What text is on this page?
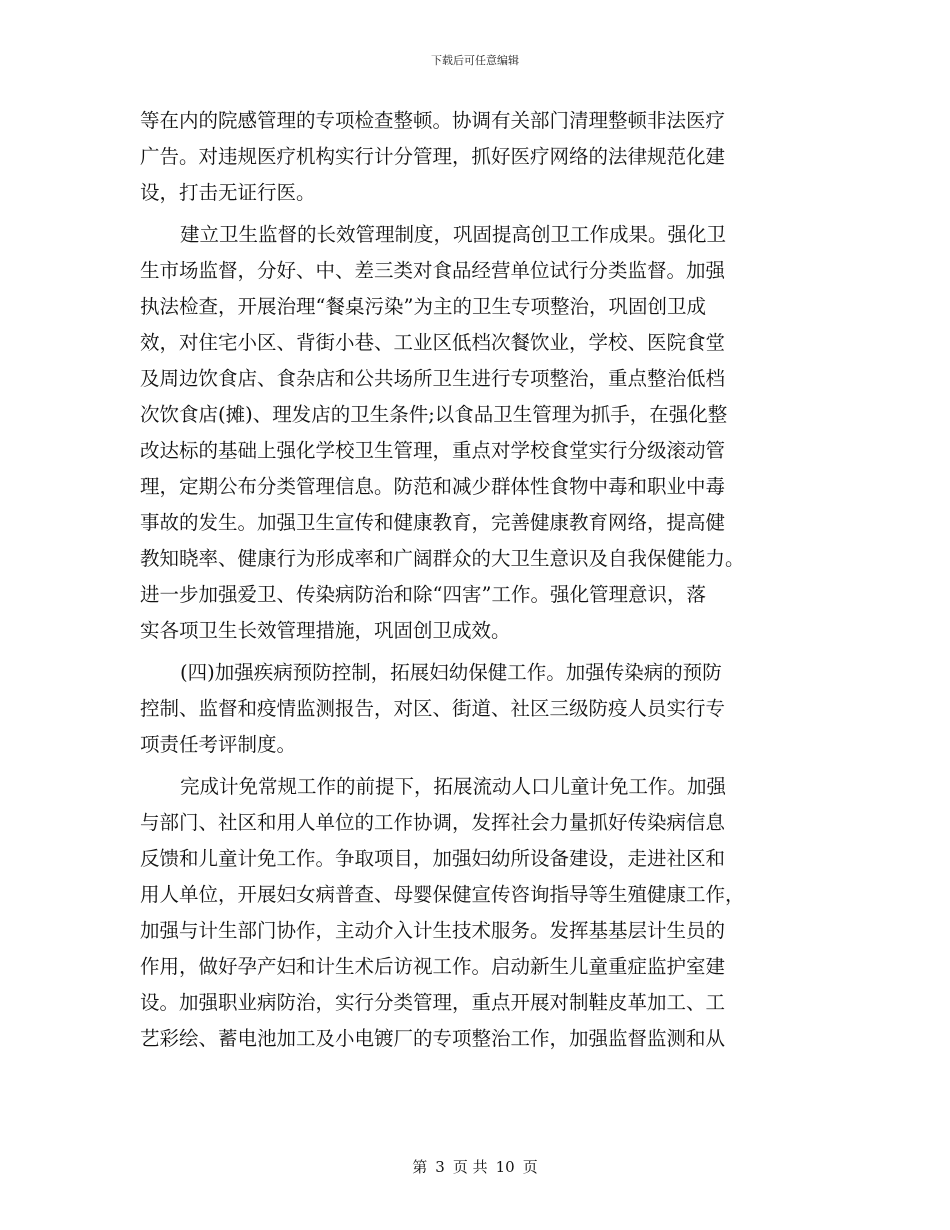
下载后可任意编辑
等在内的院感管理的专项检查整顿。协调有关部门清理整顿非法医疗
广告。对违规医疗机构实行计分管理，抓好医疗网络的法律规范化建
设，打击无证行医。
建立卫生监督的长效管理制度，巩固提高创卫工作成果。强化卫
生市场监督，分好、中、差三类对食品经营单位试行分类监督。加强
执法检查，开展治理“餐桌污染”为主的卫生专项整治，巩固创卫成
效，对住宅小区、背街小巷、工业区低档次餐饮业，学校、医院食堂
及周边饮食店、食杂店和公共场所卫生进行专项整治，重点整治低档
次饮食店(摊)、理发店的卫生条件;以食品卫生管理为抓手，在强化整
改达标的基础上强化学校卫生管理，重点对学校食堂实行分级滚动管
理，定期公布分类管理信息。防范和减少群体性食物中毒和职业中毒
事故的发生。加强卫生宣传和健康教育，完善健康教育网络，提高健
教知晓率、健康行为形成率和广阔群众的大卫生意识及自我保健能力。
进一步加强爱卫、传染病防治和除“四害”工作。强化管理意识，落
实各项卫生长效管理措施，巩固创卫成效。
(四)加强疾病预防控制，拓展妇幼保健工作。加强传染病的预防
控制、监督和疫情监测报告，对区、街道、社区三级防疫人员实行专
项责任考评制度。
完成计免常规工作的前提下，拓展流动人口儿童计免工作。加强
与部门、社区和用人单位的工作协调，发挥社会力量抓好传染病信息
反馈和儿童计免工作。争取项目，加强妇幼所设备建设，走进社区和
用人单位，开展妇女病普查、母婴保健宣传咨询指导等生殖健康工作，
加强与计生部门协作，主动介入计生技术服务。发挥基基层计生员的
作用，做好孕产妇和计生术后访视工作。启动新生儿童重症监护室建
设。加强职业病防治，实行分类管理，重点开展对制鞋皮革加工、工
艺彩绘、蓄电池加工及小电镀厂的专项整治工作，加强监督监测和从
第 3 页 共 10 页
